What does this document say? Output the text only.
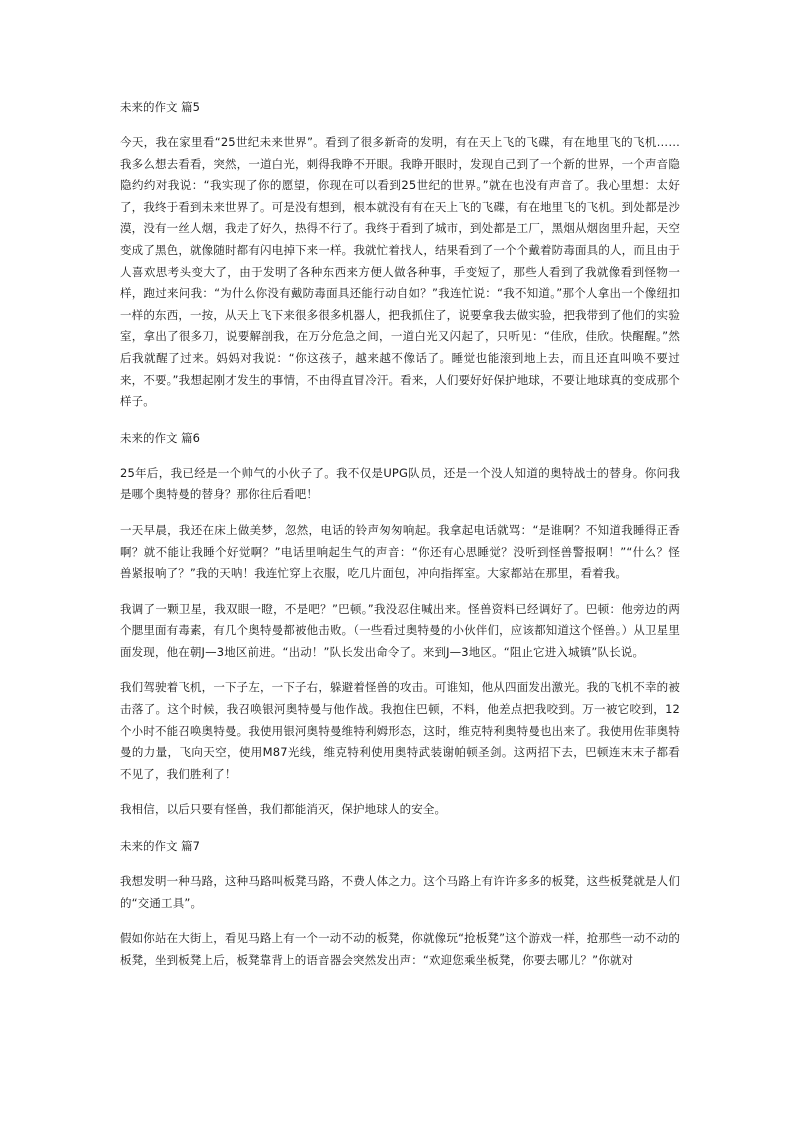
未来的作文 篇5

今天，我在家里看“25世纪未来世界”。看到了很多新奇的发明，有在天上飞的飞碟，有在地里飞的飞机……我多么想去看看，突然，一道白光，刺得我睁不开眼。我睁开眼时，发现自己到了一个新的世界，一个声音隐隐约约对我说：“我实现了你的愿望，你现在可以看到25世纪的世界。”就在也没有声音了。我心里想：太好了，我终于看到未来世界了。可是没有想到，根本就没有有在天上飞的飞碟，有在地里飞的飞机。到处都是沙漠，没有一丝人烟，我走了好久，热得不行了。我终于看到了城市，到处都是工厂，黑烟从烟囱里升起，天空变成了黑色，就像随时都有闪电掉下来一样。我就忙着找人，结果看到了一个个戴着防毒面具的人，而且由于人喜欢思考头变大了，由于发明了各种东西来方便人做各种事，手变短了，那些人看到了我就像看到怪物一样，跑过来问我：“为什么你没有戴防毒面具还能行动自如？”我连忙说：“我不知道。”那个人拿出一个像纽扣一样的东西，一按，从天上飞下来很多很多机器人，把我抓住了，说要拿我去做实验，把我带到了他们的实验室，拿出了很多刀，说要解剖我，在万分危急之间，一道白光又闪起了，只听见：“佳欣，佳欣。快醒醒。”然后我就醒了过来。妈妈对我说：“你这孩子，越来越不像话了。睡觉也能滚到地上去，而且还直叫唤不要过来，不要。”我想起刚才发生的事情，不由得直冒冷汗。看来，人们要好好保护地球，不要让地球真的变成那个样子。

未来的作文 篇6

25年后，我已经是一个帅气的小伙子了。我不仅是UPG队员，还是一个没人知道的奥特战士的替身。你问我是哪个奥特曼的替身？那你往后看吧！

一天早晨，我还在床上做美梦，忽然，电话的铃声匆匆响起。我拿起电话就骂：“是谁啊？不知道我睡得正香啊？就不能让我睡个好觉啊？”电话里响起生气的声音：“你还有心思睡觉？没听到怪兽警报啊！”“什么？怪兽紧报响了？”我的天呐！我连忙穿上衣服，吃几片面包，冲向指挥室。大家都站在那里，看着我。

我调了一颗卫星，我双眼一瞪，不是吧？”巴顿。”我没忍住喊出来。怪兽资料已经调好了。巴顿：他旁边的两个腮里面有毒素，有几个奥特曼都被他击败。（一些看过奥特曼的小伙伴们，应该都知道这个怪兽。）从卫星里面发现，他在朝J—3地区前进。“出动！”队长发出命令了。来到J—3地区。“阻止它进入城镇”队长说。

我们驾驶着飞机，一下子左，一下子右，躲避着怪兽的攻击。可谁知，他从四面发出激光。我的飞机不幸的被击落了。这个时候，我召唤银河奥特曼与他作战。我抱住巴顿，不料，他差点把我咬到。万一被它咬到，12个小时不能召唤奥特曼。我使用银河奥特曼维特利姆形态，这时，维克特利奥特曼也出来了。我使用佐菲奥特曼的力量，飞向天空，使用M87光线，维克特利使用奥特武装谢帕顿圣剑。这两招下去，巴顿连末末子都看不见了，我们胜利了！

我相信，以后只要有怪兽，我们都能消灭，保护地球人的安全。

未来的作文 篇7

我想发明一种马路，这种马路叫板凳马路，不费人体之力。这个马路上有许许多多的板凳，这些板凳就是人们的“交通工具”。

假如你站在大街上，看见马路上有一个一动不动的板凳，你就像玩“抢板凳”这个游戏一样，抢那些一动不动的板凳，坐到板凳上后，板凳靠背上的语音器会突然发出声：“欢迎您乘坐板凳，你要去哪儿？”你就对
